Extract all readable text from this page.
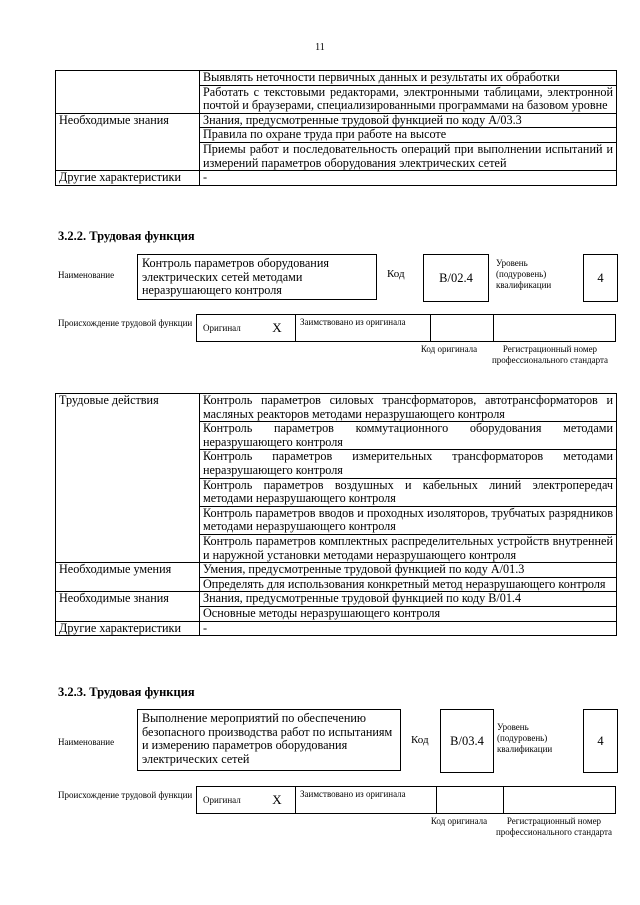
11
	Выявлять неточности первичных данных и результаты их обработки
	Работать с текстовыми редакторами, электронными таблицами, электронной почтой и браузерами, специализированными программами на базовом уровне
Необходимые знания	Знания, предусмотренные трудовой функцией по коду А/03.3
	Правила по охране труда при работе на высоте
	Приемы работ и последовательность операций при выполнении испытаний и измерений параметров оборудования электрических сетей
Другие характеристики	-
3.2.2. Трудовая функция
Наименование
Контроль параметров оборудования электрических сетей методами неразрушающего контроля
Код	В/02.4
Уровень (подуровень) квалификации
4
Происхождение трудовой функции	Оригинал	X	Заимствовано из оригинала
Код оригинала	Регистрационный номер профессионального стандарта
Трудовые действия	Контроль параметров силовых трансформаторов, автотрансформаторов и масляных реакторов методами неразрушающего контроля
	Контроль параметров коммутационного оборудования методами неразрушающего контроля
	Контроль параметров измерительных трансформаторов методами неразрушающего контроля
	Контроль параметров воздушных и кабельных линий электропередач методами неразрушающего контроля
	Контроль параметров вводов и проходных изоляторов, трубчатых разрядников методами неразрушающего контроля
	Контроль параметров комплектных распределительных устройств внутренней и наружной установки методами неразрушающего контроля
Необходимые умения	Умения, предусмотренные трудовой функцией по коду А/01.3
	Определять для использования конкретный метод неразрушающего контроля
Необходимые знания	Знания, предусмотренные трудовой функцией по коду В/01.4
	Основные методы неразрушающего контроля
Другие характеристики	-
3.2.3. Трудовая функция
Наименование
Выполнение мероприятий по обеспечению безопасного производства работ по испытаниям и измерению параметров оборудования электрических сетей
Код	В/03.4
Уровень (подуровень) квалификации
4
Происхождение трудовой функции	Оригинал	X	Заимствовано из оригинала
Код оригинала	Регистрационный номер профессионального стандарта
